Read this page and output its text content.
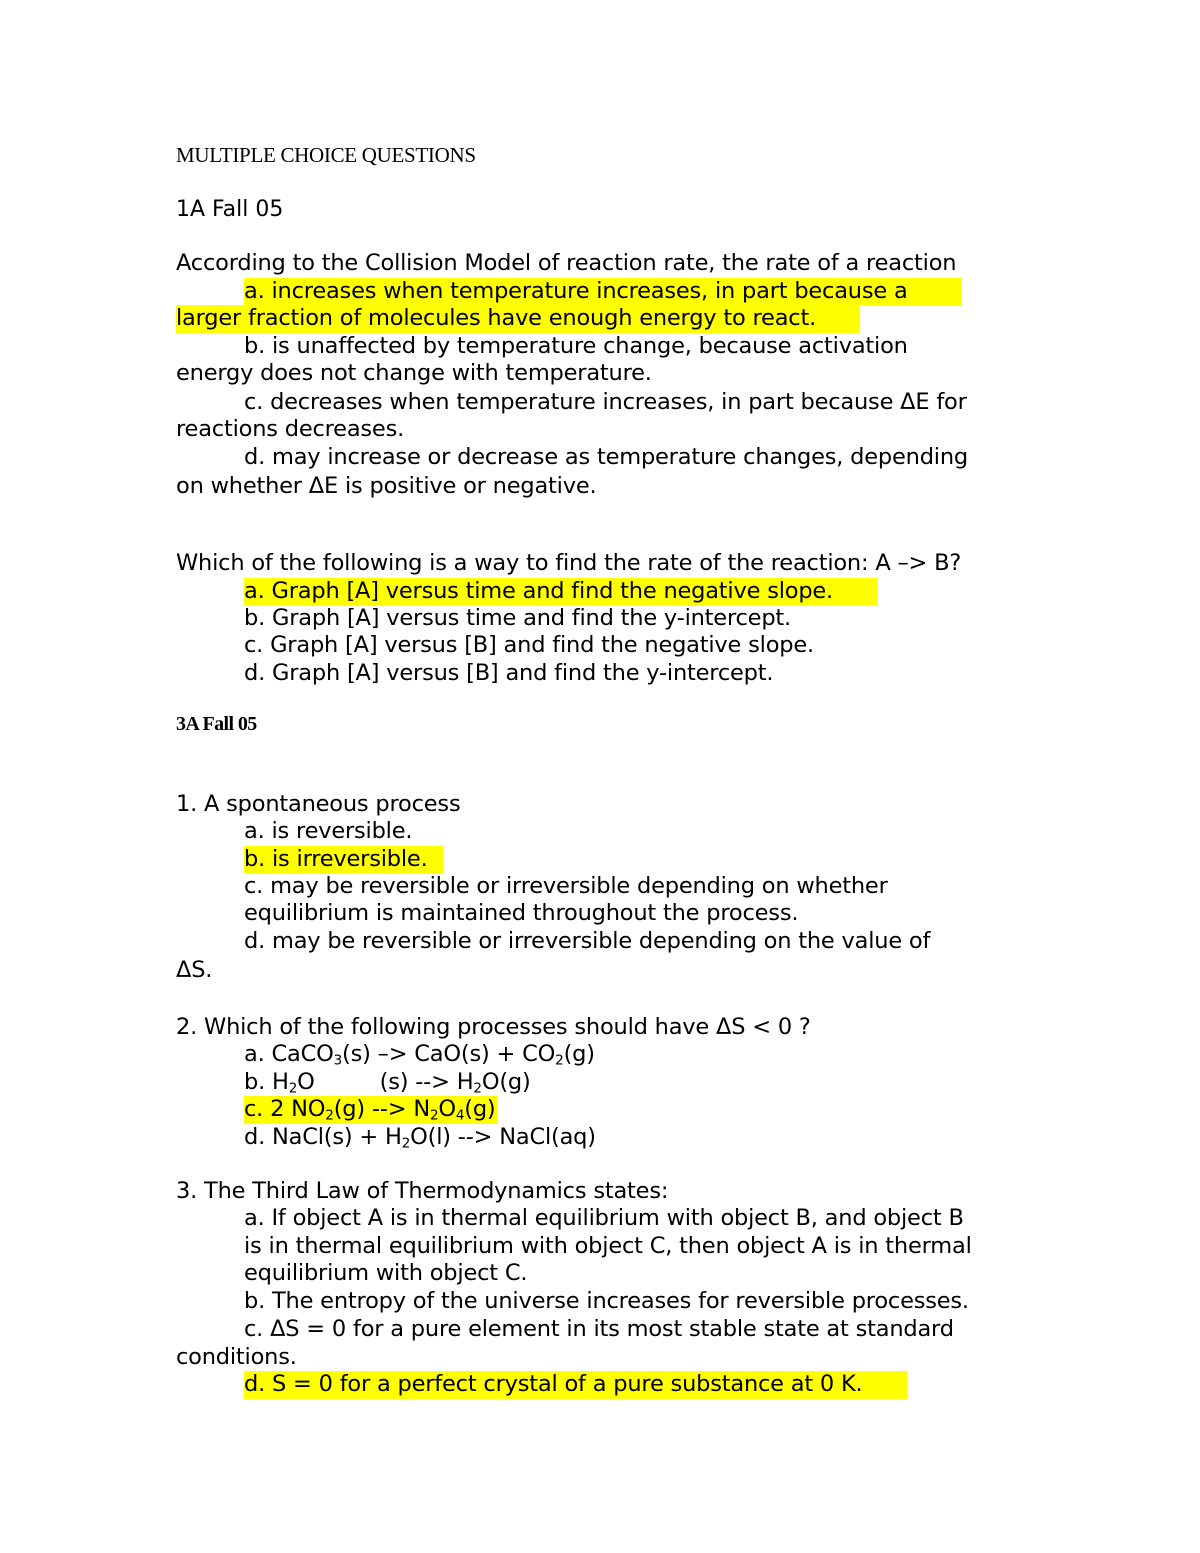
MULTIPLE CHOICE QUESTIONS
1A Fall 05
According to the Collision Model of reaction rate, the rate of a reaction
a. increases when temperature increases, in part because a
larger fraction of molecules have enough energy to react.
b. is unaffected by temperature change, because activation
energy does not change with temperature.
c. decreases when temperature increases, in part because ΔE for
reactions decreases.
d. may increase or decrease as temperature changes, depending
on whether ΔE is positive or negative.
Which of the following is a way to find the rate of the reaction: A –> B?
a. Graph [A] versus time and find the negative slope.
b. Graph [A] versus time and find the y-intercept.
c. Graph [A] versus [B] and find the negative slope.
d. Graph [A] versus [B] and find the y-intercept.
3A Fall 05
1. A spontaneous process
a. is reversible.
b. is irreversible.
c. may be reversible or irreversible depending on whether
equilibrium is maintained throughout the process.
d. may be reversible or irreversible depending on the value of
ΔS.
2. Which of the following processes should have ΔS < 0 ?
a. CaCO$_3$(s) –> $CaO(s) + CO_2(g)$
b. $H_2O$	(s) --> $H_2O(g)$
c. 2 $NO_2(g)$ --> $N_2O_4(g)$
d. NaCl(s) + $H_2O(l)$ --> NaCl(aq)
3. The Third Law of Thermodynamics states:
a. If object A is in thermal equilibrium with object B, and object B
is in thermal equilibrium with object C, then object A is in thermal
equilibrium with object C.
b. The entropy of the universe increases for reversible processes.
c. ΔS = 0 for a pure element in its most stable state at standard
conditions.
d. S = 0 for a perfect crystal of a pure substance at 0 K.
